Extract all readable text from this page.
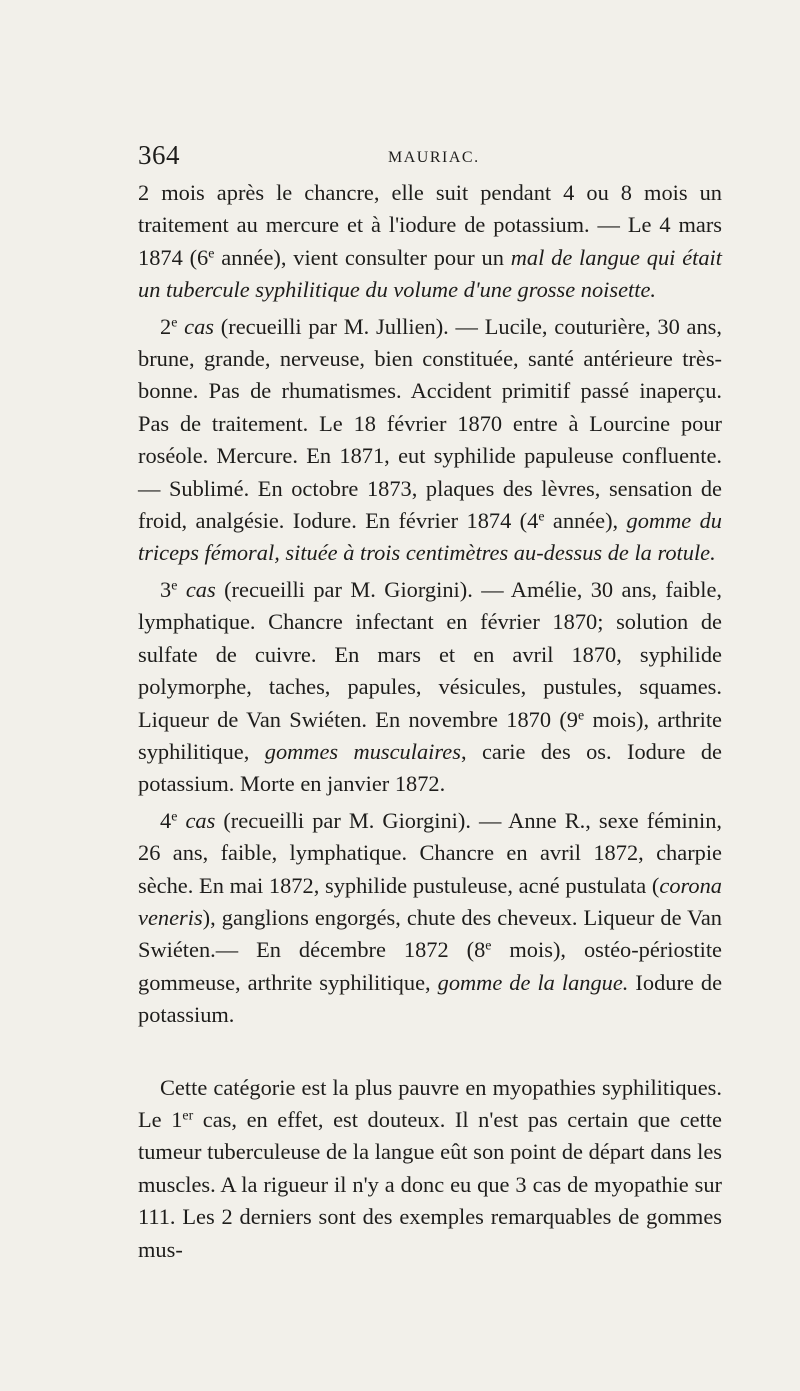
364	MAURIAC.

2 mois après le chancre, elle suit pendant 4 ou 8 mois un traitement au mercure et à l'iodure de potassium. — Le 4 mars 1874 (6e année), vient consulter pour un mal de langue qui était un tubercule syphilitique du volume d'une grosse noisette.

2e cas (recueilli par M. Jullien). — Lucile, couturière, 30 ans, brune, grande, nerveuse, bien constituée, santé antérieure très-bonne. Pas de rhumatismes. Accident primitif passé inaperçu. Pas de traitement. Le 18 février 1870 entre à Lourcine pour roséole. Mercure. En 1871, eut syphilide papuleuse confluente. — Sublimé. En octobre 1873, plaques des lèvres, sensation de froid, analgésie. Iodure. En février 1874 (4e année), gomme du triceps fémoral, située à trois centimètres au-dessus de la rotule.

3e cas (recueilli par M. Giorgini). — Amélie, 30 ans, faible, lymphatique. Chancre infectant en février 1870; solution de sulfate de cuivre. En mars et en avril 1870, syphilide polymorphe, taches, papules, vésicules, pustules, squames. Liqueur de Van Swiéten. En novembre 1870 (9e mois), arthrite syphilitique, gommes musculaires, carie des os. Iodure de potassium. Morte en janvier 1872.

4e cas (recueilli par M. Giorgini). — Anne R., sexe féminin, 26 ans, faible, lymphatique. Chancre en avril 1872, charpie sèche. En mai 1872, syphilide pustuleuse, acné pustulata (corona veneris), ganglions engorgés, chute des cheveux. Liqueur de Van Swiéten.— En décembre 1872 (8e mois), ostéo-périostite gommeuse, arthrite syphilitique, gomme de la langue. Iodure de potassium.

Cette catégorie est la plus pauvre en myopathies syphilitiques. Le 1er cas, en effet, est douteux. Il n'est pas certain que cette tumeur tuberculeuse de la langue eût son point de départ dans les muscles. A la rigueur il n'y a donc eu que 3 cas de myopathie sur 111. Les 2 derniers sont des exemples remarquables de gommes mus-
